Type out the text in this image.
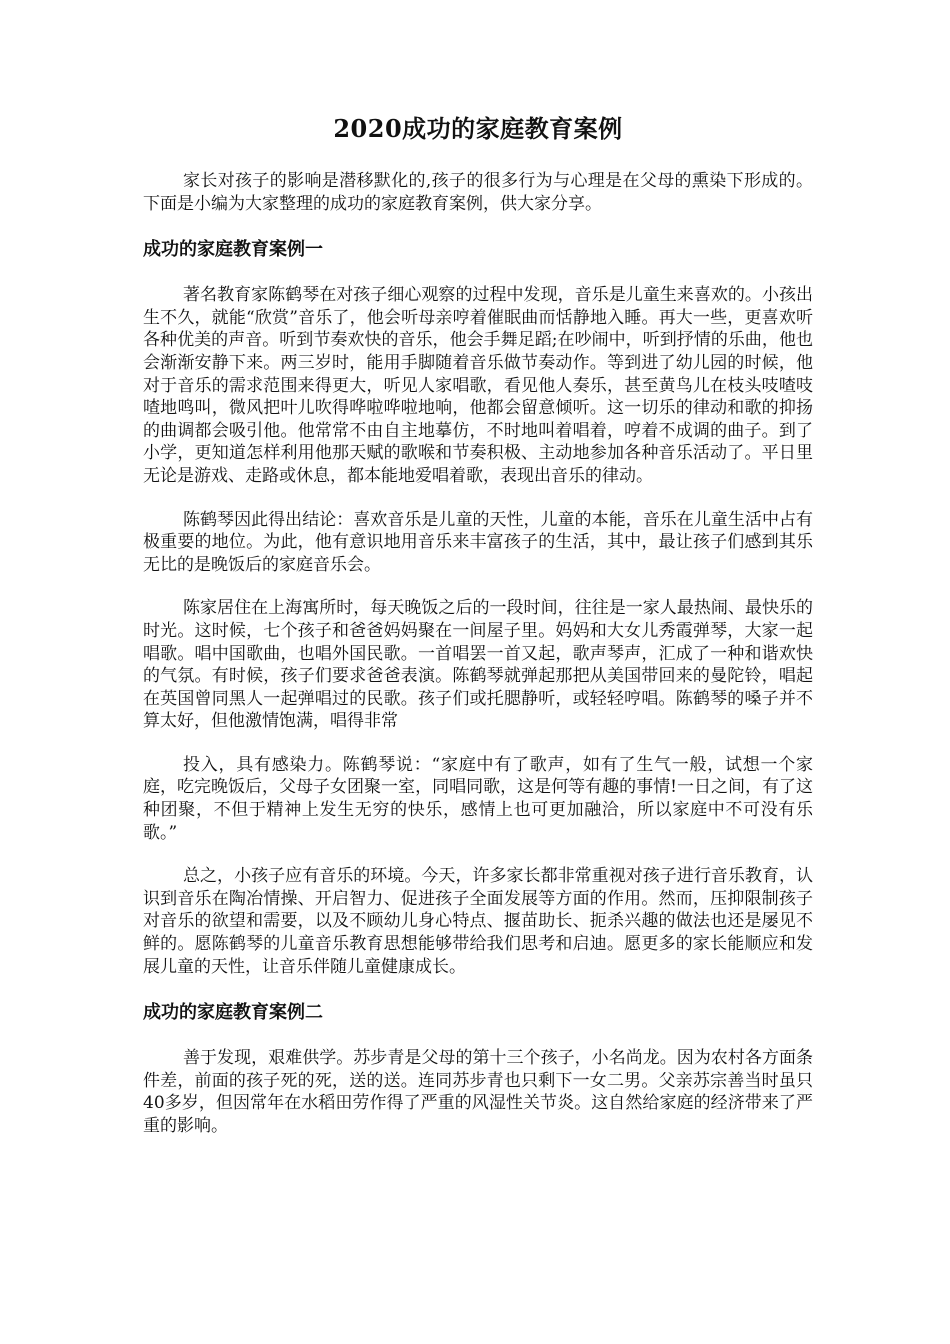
2020成功的家庭教育案例

家长对孩子的影响是潜移默化的,孩子的很多行为与心理是在父母的熏染下形成的。下面是小编为大家整理的成功的家庭教育案例，供大家分享。

成功的家庭教育案例一

著名教育家陈鹤琴在对孩子细心观察的过程中发现，音乐是儿童生来喜欢的。小孩出生不久，就能“欣赏”音乐了，他会听母亲哼着催眠曲而恬静地入睡。再大一些，更喜欢听各种优美的声音。听到节奏欢快的音乐，他会手舞足蹈;在吵闹中，听到抒情的乐曲，他也会渐渐安静下来。两三岁时，能用手脚随着音乐做节奏动作。等到进了幼儿园的时候，他对于音乐的需求范围来得更大，听见人家唱歌，看见他人奏乐，甚至黄鸟儿在枝头吱喳吱喳地鸣叫，微风把叶儿吹得哗啦哗啦地响，他都会留意倾听。这一切乐的律动和歌的抑扬的曲调都会吸引他。他常常不由自主地摹仿，不时地叫着唱着，哼着不成调的曲子。到了小学，更知道怎样利用他那天赋的歌喉和节奏积极、主动地参加各种音乐活动了。平日里无论是游戏、走路或休息，都本能地爱唱着歌，表现出音乐的律动。

陈鹤琴因此得出结论：喜欢音乐是儿童的天性，儿童的本能，音乐在儿童生活中占有极重要的地位。为此，他有意识地用音乐来丰富孩子的生活，其中，最让孩子们感到其乐无比的是晚饭后的家庭音乐会。

陈家居住在上海寓所时，每天晚饭之后的一段时间，往往是一家人最热闹、最快乐的时光。这时候，七个孩子和爸爸妈妈聚在一间屋子里。妈妈和大女儿秀霞弹琴，大家一起唱歌。唱中国歌曲，也唱外国民歌。一首唱罢一首又起，歌声琴声，汇成了一种和谐欢快的气氛。有时候，孩子们要求爸爸表演。陈鹤琴就弹起那把从美国带回来的曼陀铃，唱起在英国曾同黑人一起弹唱过的民歌。孩子们或托腮静听，或轻轻哼唱。陈鹤琴的嗓子并不算太好，但他激情饱满，唱得非常

投入，具有感染力。陈鹤琴说：“家庭中有了歌声，如有了生气一般，试想一个家庭，吃完晚饭后，父母子女团聚一室，同唱同歌，这是何等有趣的事情!一日之间，有了这种团聚，不但于精神上发生无穷的快乐，感情上也可更加融洽，所以家庭中不可没有乐歌。”

总之，小孩子应有音乐的环境。今天，许多家长都非常重视对孩子进行音乐教育，认识到音乐在陶冶情操、开启智力、促进孩子全面发展等方面的作用。然而，压抑限制孩子对音乐的欲望和需要，以及不顾幼儿身心特点、揠苗助长、扼杀兴趣的做法也还是屡见不鲜的。愿陈鹤琴的儿童音乐教育思想能够带给我们思考和启迪。愿更多的家长能顺应和发展儿童的天性，让音乐伴随儿童健康成长。

成功的家庭教育案例二

善于发现，艰难供学。苏步青是父母的第十三个孩子，小名尚龙。因为农村各方面条件差，前面的孩子死的死，送的送。连同苏步青也只剩下一女二男。父亲苏宗善当时虽只40多岁，但因常年在水稻田劳作得了严重的风湿性关节炎。这自然给家庭的经济带来了严重的影响。
